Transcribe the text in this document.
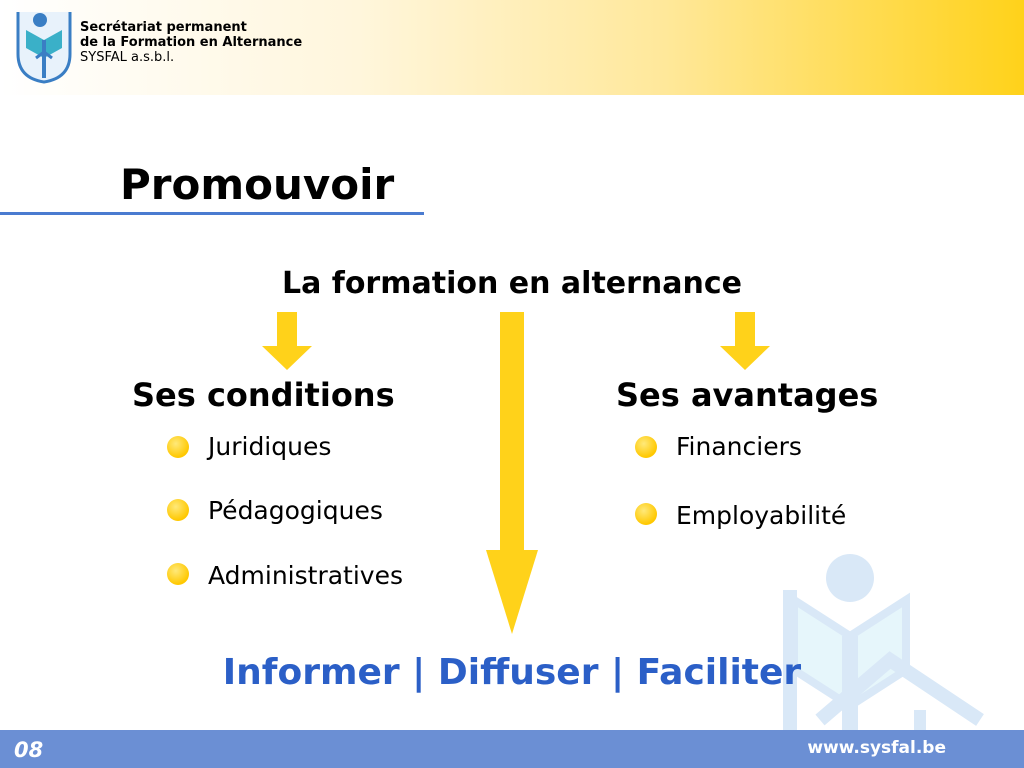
Secrétariat permanent
de la Formation en Alternance
SYSFAL a.s.b.l.
Promouvoir
La formation en alternance
Ses conditions	Ses avantages
Juridiques
Pédagogiques
Administratives
Financiers
Employabilité
Informer | Diffuser | Faciliter
08	www.sysfal.be
